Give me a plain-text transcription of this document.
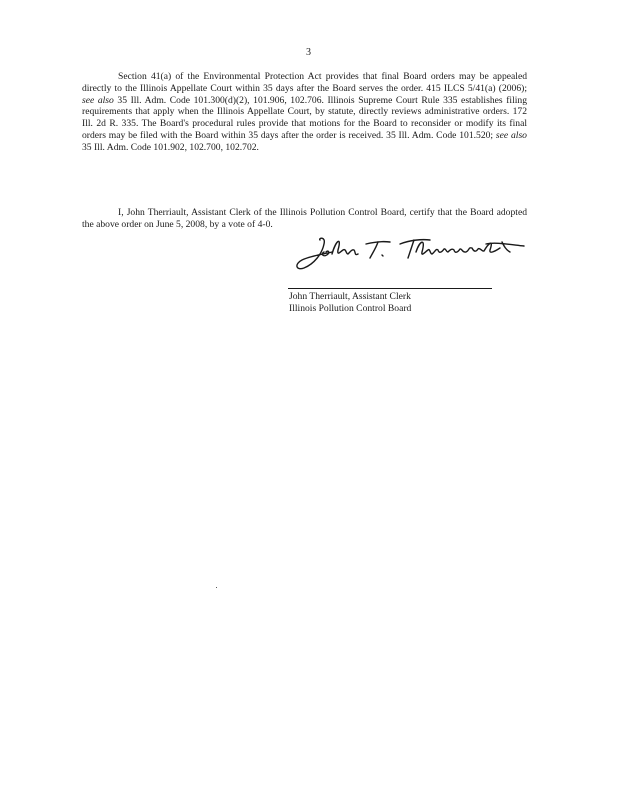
3

Section 41(a) of the Environmental Protection Act provides that final Board orders may be appealed directly to the Illinois Appellate Court within 35 days after the Board serves the order. 415 ILCS 5/41(a) (2006); see also 35 Ill. Adm. Code 101.300(d)(2), 101.906, 102.706. Illinois Supreme Court Rule 335 establishes filing requirements that apply when the Illinois Appellate Court, by statute, directly reviews administrative orders. 172 Ill. 2d R. 335. The Board's procedural rules provide that motions for the Board to reconsider or modify its final orders may be filed with the Board within 35 days after the order is received. 35 Ill. Adm. Code 101.520; see also 35 Ill. Adm. Code 101.902, 102.700, 102.702.

I, John Therriault, Assistant Clerk of the Illinois Pollution Control Board, certify that the Board adopted the above order on June 5, 2008, by a vote of 4-0.

John Therriault, Assistant Clerk
Illinois Pollution Control Board
